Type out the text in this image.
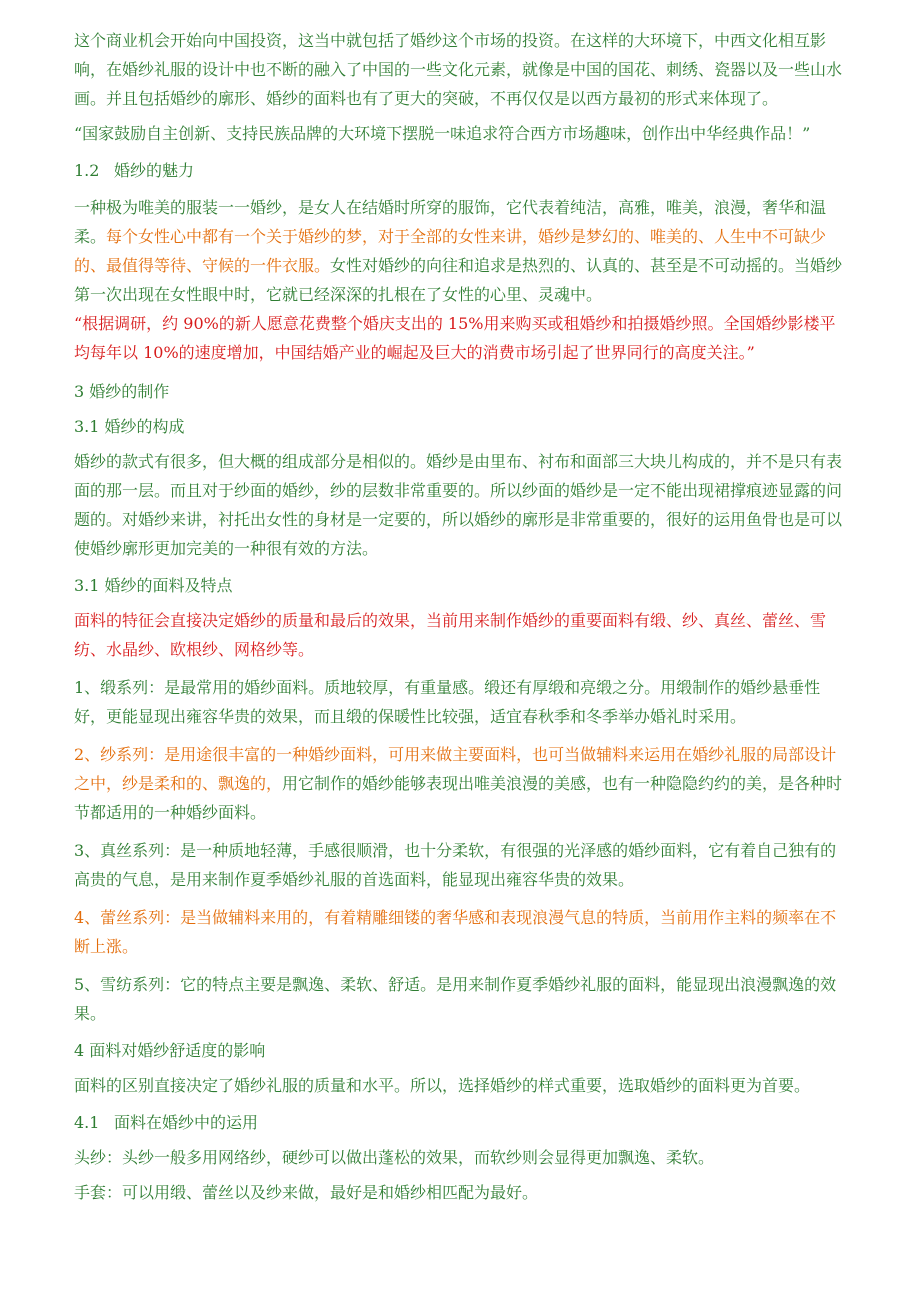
这个商业机会开始向中国投资，这当中就包括了婚纱这个市场的投资。在这样的大环境下，中西文化相互影响，在婚纱礼服的设计中也不断的融入了中国的一些文化元素，就像是中国的国花、刺绣、瓷器以及一些山水画。并且包括婚纱的廓形、婚纱的面料也有了更大的突破，不再仅仅是以西方最初的形式来体现了。

“国家鼓励自主创新、支持民族品牌的大环境下摆脱一味追求符合西方市场趣味，创作出中华经典作品！”

1.2 婚纱的魅力

一种极为唯美的服装一一婚纱，是女人在结婚时所穿的服饰，它代表着纯洁，高雅，唯美，浪漫，奢华和温柔。每个女性心中都有一个关于婚纱的梦，对于全部的女性来讲，婚纱是梦幻的、唯美的、人生中不可缺少的、最值得等待、守候的一件衣服。女性对婚纱的向往和追求是热烈的、认真的、甚至是不可动摇的。当婚纱第一次出现在女性眼中时，它就已经深深的扎根在了女性的心里、灵魂中。

“根据调研，约 90%的新人愿意花费整个婚庆支出的 15%用来购买或租婚纱和拍摄婚纱照。全国婚纱影楼平均每年以 10%的速度增加，中国结婚产业的崛起及巨大的消费市场引起了世界同行的高度关注。”

3 婚纱的制作

3.1 婚纱的构成

婚纱的款式有很多，但大概的组成部分是相似的。婚纱是由里布、衬布和面部三大块儿构成的，并不是只有表面的那一层。而且对于纱面的婚纱，纱的层数非常重要的。所以纱面的婚纱是一定不能出现裙撑痕迹显露的问题的。对婚纱来讲，衬托出女性的身材是一定要的，所以婚纱的廓形是非常重要的，很好的运用鱼骨也是可以使婚纱廓形更加完美的一种很有效的方法。

3.1 婚纱的面料及特点

面料的特征会直接决定婚纱的质量和最后的效果，当前用来制作婚纱的重要面料有缎、纱、真丝、蕾丝、雪纺、水晶纱、欧根纱、网格纱等。

1、缎系列：是最常用的婚纱面料。质地较厚，有重量感。缎还有厚缎和亮缎之分。用缎制作的婚纱悬垂性好，更能显现出雍容华贵的效果，而且缎的保暖性比较强，适宜春秋季和冬季举办婚礼时采用。

2、纱系列：是用途很丰富的一种婚纱面料，可用来做主要面料，也可当做辅料来运用在婚纱礼服的局部设计之中，纱是柔和的、飘逸的，用它制作的婚纱能够表现出唯美浪漫的美感，也有一种隐隐约约的美，是各种时节都适用的一种婚纱面料。

3、真丝系列：是一种质地轻薄，手感很顺滑，也十分柔软，有很强的光泽感的婚纱面料，它有着自己独有的高贵的气息，是用来制作夏季婚纱礼服的首选面料，能显现出雍容华贵的效果。

4、蕾丝系列：是当做辅料来用的，有着精雕细镂的奢华感和表现浪漫气息的特质，当前用作主料的频率在不断上涨。

5、雪纺系列：它的特点主要是飘逸、柔软、舒适。是用来制作夏季婚纱礼服的面料，能显现出浪漫飘逸的效果。

4 面料对婚纱舒适度的影响

面料的区别直接决定了婚纱礼服的质量和水平。所以，选择婚纱的样式重要，选取婚纱的面料更为首要。

4.1 面料在婚纱中的运用

头纱：头纱一般多用网络纱，硬纱可以做出蓬松的效果，而软纱则会显得更加飘逸、柔软。

手套：可以用缎、蕾丝以及纱来做，最好是和婚纱相匹配为最好。
